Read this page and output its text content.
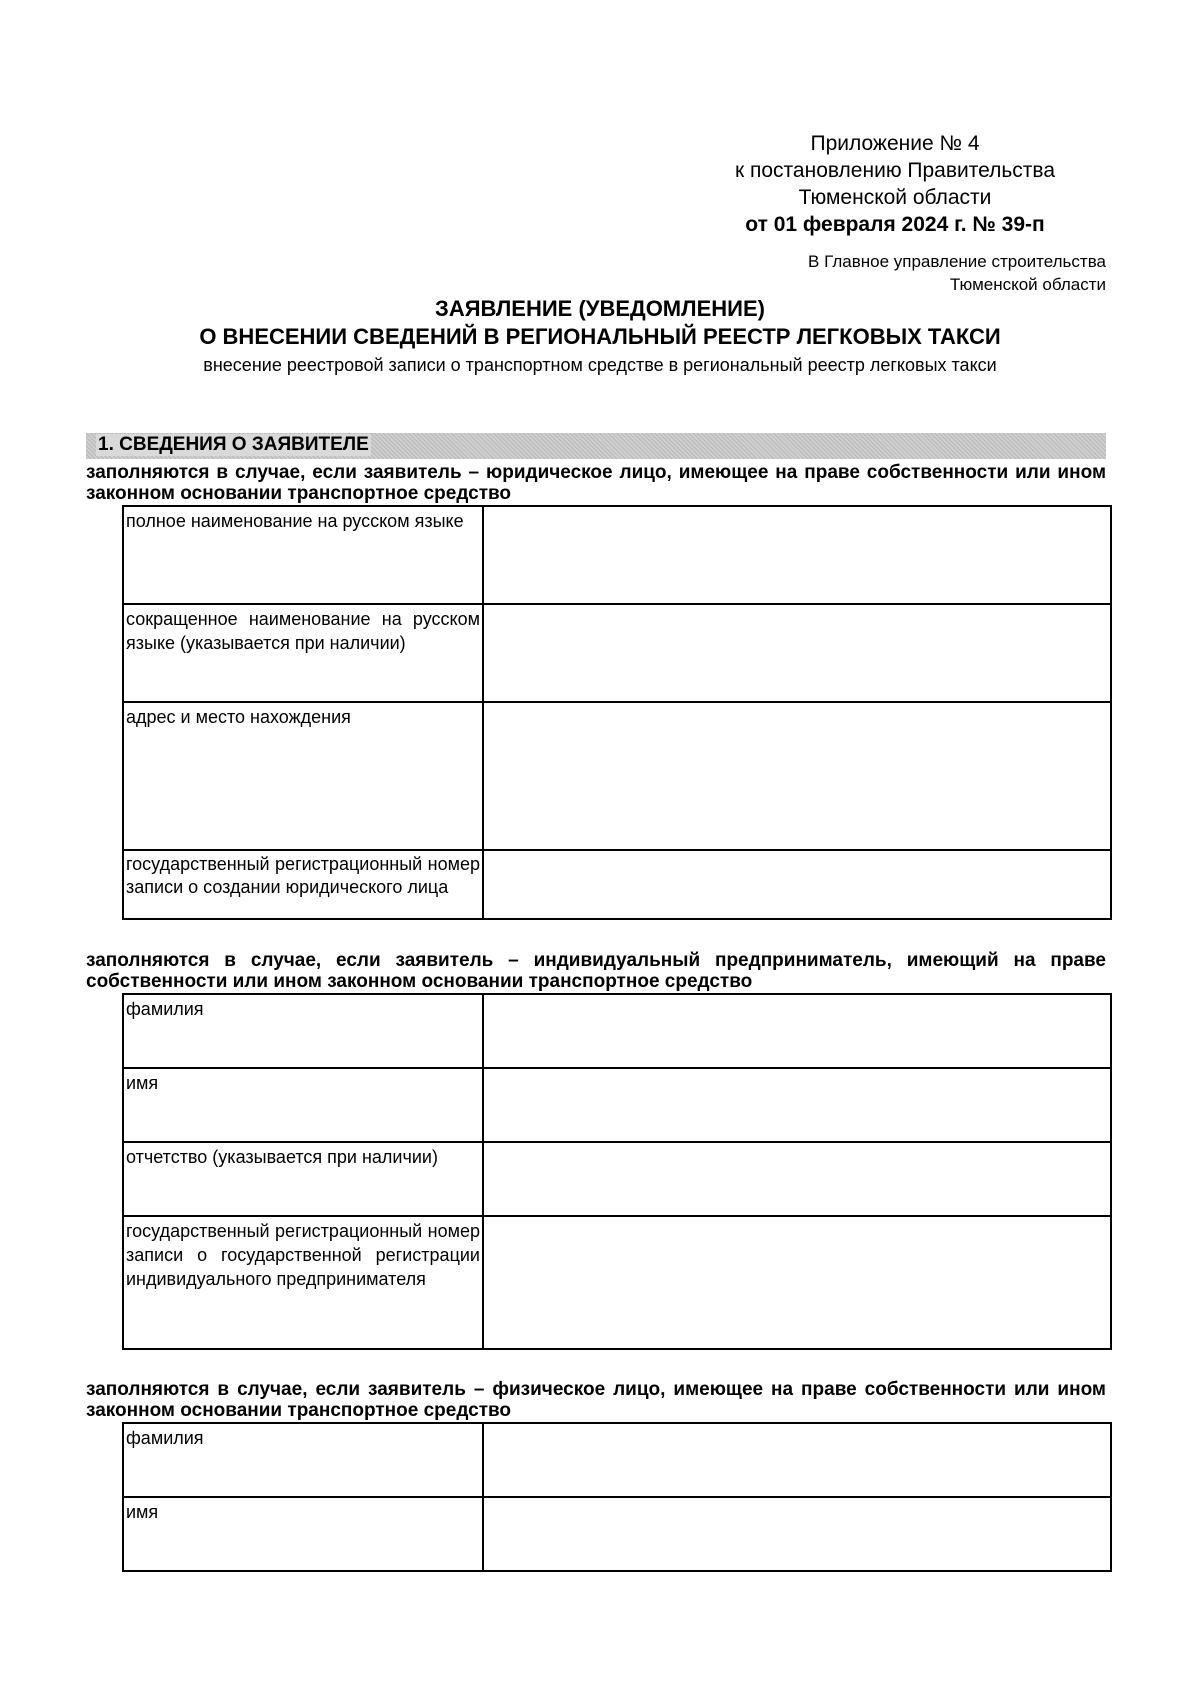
Приложение № 4
к постановлению Правительства
Тюменской области
от 01 февраля 2024 г. № 39-п
В Главное управление строительства
Тюменской области
ЗАЯВЛЕНИЕ (УВЕДОМЛЕНИЕ)
О ВНЕСЕНИИ СВЕДЕНИЙ В РЕГИОНАЛЬНЫЙ РЕЕСТР ЛЕГКОВЫХ ТАКСИ
внесение реестровой записи о транспортном средстве в региональный реестр легковых такси
1. СВЕДЕНИЯ О ЗАЯВИТЕЛЕ
заполняются в случае, если заявитель – юридическое лицо, имеющее на праве собственности или ином законном основании транспортное средство
полное наименование на русском языке	

сокращенное наименование на русском языке (указывается при наличии)	

адрес и место нахождения	

государственный регистрационный номер записи о создании юридического лица	

заполняются в случае, если заявитель – индивидуальный предприниматель, имеющий на праве собственности или ином законном основании транспортное средство
фамилия	

имя	

отчетство (указывается при наличии)	

государственный регистрационный номер записи о государственной регистрации индивидуального предпринимателя	

заполняются в случае, если заявитель – физическое лицо, имеющее на праве собственности или ином законном основании транспортное средство
фамилия	

имя	
